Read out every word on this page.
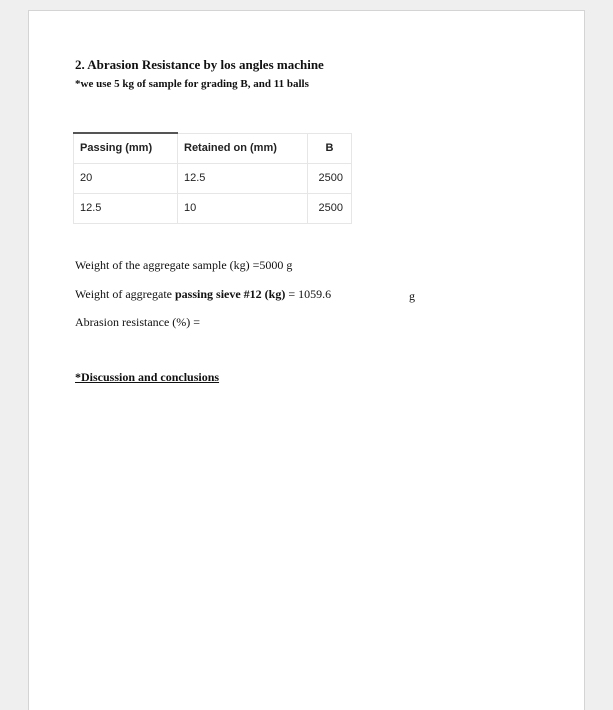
2. Abrasion Resistance by los angles machine
*we use 5 kg of sample for grading B, and 11 balls
Passing (mm)	Retained on (mm)	B
20	12.5	2500
12.5	10	2500
Weight of the aggregate sample (kg) =5000 g
Weight of aggregate passing sieve #12 (kg) = 1059.6	g
Abrasion resistance (%) =
*Discussion and conclusions
